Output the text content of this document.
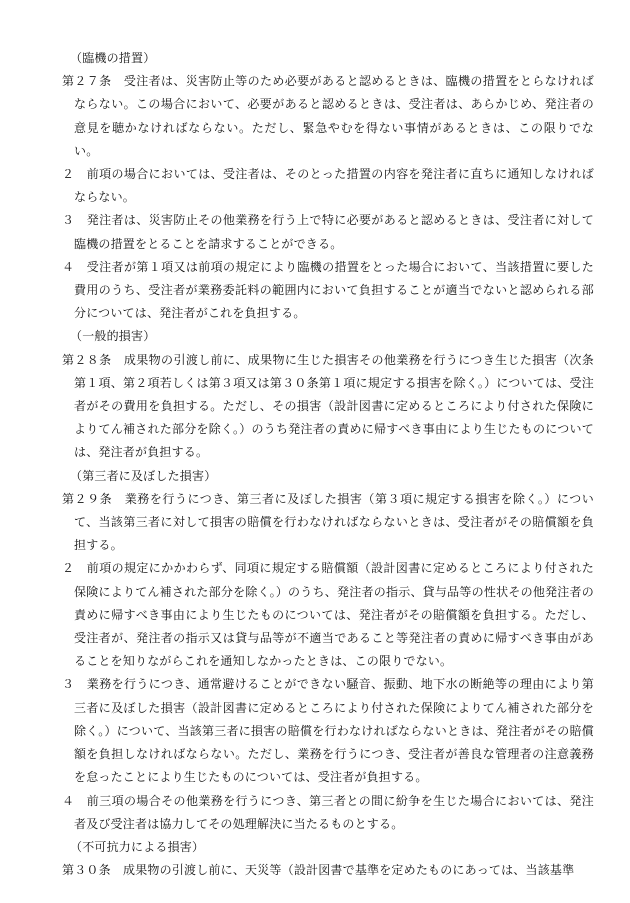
（臨機の措置）
第２７条　受注者は、災害防止等のため必要があると認めるときは、臨機の措置をとらなければならない。この場合において、必要があると認めるときは、受注者は、あらかじめ、発注者の意見を聴かなければならない。ただし、緊急やむを得ない事情があるときは、この限りでない。
２　前項の場合においては、受注者は、そのとった措置の内容を発注者に直ちに通知しなければならない。
３　発注者は、災害防止その他業務を行う上で特に必要があると認めるときは、受注者に対して臨機の措置をとることを請求することができる。
４　受注者が第１項又は前項の規定により臨機の措置をとった場合において、当該措置に要した費用のうち、受注者が業務委託料の範囲内において負担することが適当でないと認められる部分については、発注者がこれを負担する。
（一般的損害）
第２８条　成果物の引渡し前に、成果物に生じた損害その他業務を行うにつき生じた損害（次条第１項、第２項若しくは第３項又は第３０条第１項に規定する損害を除く。）については、受注者がその費用を負担する。ただし、その損害（設計図書に定めるところにより付された保険によりてん補された部分を除く。）のうち発注者の責めに帰すべき事由により生じたものについては、発注者が負担する。
（第三者に及ぼした損害）
第２９条　業務を行うにつき、第三者に及ぼした損害（第３項に規定する損害を除く。）について、当該第三者に対して損害の賠償を行わなければならないときは、受注者がその賠償額を負担する。
２　前項の規定にかかわらず、同項に規定する賠償額（設計図書に定めるところにより付された保険によりてん補された部分を除く。）のうち、発注者の指示、貸与品等の性状その他発注者の責めに帰すべき事由により生じたものについては、発注者がその賠償額を負担する。ただし、受注者が、発注者の指示又は貸与品等が不適当であること等発注者の責めに帰すべき事由があることを知りながらこれを通知しなかったときは、この限りでない。
３　業務を行うにつき、通常避けることができない騒音、振動、地下水の断絶等の理由により第三者に及ぼした損害（設計図書に定めるところにより付された保険によりてん補された部分を除く。）について、当該第三者に損害の賠償を行わなければならないときは、発注者がその賠償額を負担しなければならない。ただし、業務を行うにつき、受注者が善良な管理者の注意義務を怠ったことにより生じたものについては、受注者が負担する。
４　前三項の場合その他業務を行うにつき、第三者との間に紛争を生じた場合においては、発注者及び受注者は協力してその処理解決に当たるものとする。
（不可抗力による損害）
第３０条　成果物の引渡し前に、天災等（設計図書で基準を定めたものにあっては、当該基準
